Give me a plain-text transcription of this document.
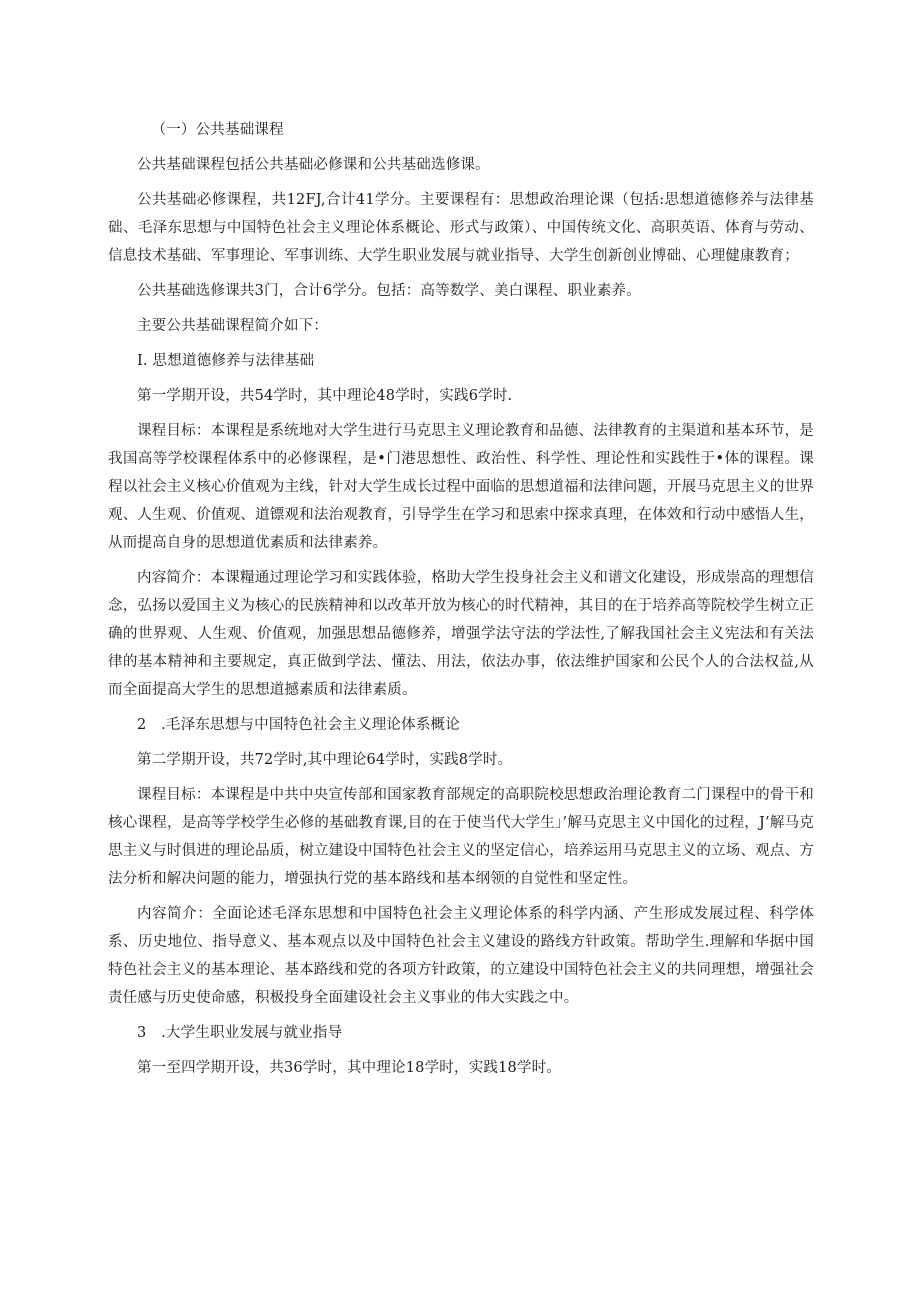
（一）公共基础课程

公共基础课程包括公共基础必修课和公共基础选修课。

公共基础必修课程，共12FJ,合计41学分。主要课程有：思想政治理论课（包括:思想道德修养与法律基础、毛泽东思想与中国特色社会主义理论体系概论、形式与政策）、中国传统文化、高职英语、体育与劳动、信息技术基础、军事理论、军事训练、大学生职业发展与就业指导、大学生创新创业博础、心理健康教育；

公共基础选修课共3门，合计6学分。包括：高等数学、美白课程、职业素养。

主要公共基础课程简介如下：

I. 思想道德修养与法律基础

第一学期开设，共54学时，其中理论48学时，实践6学时.

课程目标：本课程是系统地对大学生进行马克思主义理论教育和品德、法律教育的主渠道和基本环节，是我国高等学校课程体系中的必修课程，是•门港思想性、政治性、科学性、理论性和实践性于•体的课程。课程以社会主义核心价值观为主线，针对大学生成长过程中面临的思想道福和法律问题，开展马克思主义的世界观、人生观、价值观、道镖观和法治观教育，引导学生在学习和思索中探求真理，在体效和行动中感悟人生，从而提高自身的思想道优素质和法律素养。

内容简介：本课糧通过理论学习和实践体验，格助大学生投身社会主义和谱文化建设，形成崇高的理想信念，弘扬以爱国主义为核心的民族精神和以改革开放为核心的时代精神，其目的在于培养高等院校学生树立正确的世界观、人生观、价值观，加强思想品德修养，增强学法守法的学法性,了解我国社会主义宪法和有关法律的基本精神和主要规定，真正做到学法、懂法、用法，依法办事，依法维护国家和公民个人的合法权益,从而全面提高大学生的思想道撼素质和法律素质。

2　.毛泽东思想与中国特色社会主义理论体系概论

第二学期开设，共72学时,其中理论64学时，实践8学时。

课程目标：本课程是中共中央宣传部和国家教育部规定的高职院校思想政治理论教育二门课程中的骨干和核心课程，是高等学校学生必修的基础教育课,目的在于使当代大学生」’解马克思主义中国化的过程，J’解马克思主义与时俱进的理论品质，树立建设中国特色社会主义的坚定信心，培养运用马克思主义的立场、观点、方法分析和解决问题的能力，增强执行党的基本路线和基本纲领的自觉性和坚定性。

内容简介：全面论述毛泽东思想和中国特色社会主义理论体系的科学内涵、产生形成发展过程、科学体系、历史地位、指导意义、基本观点以及中国特色社会主义建设的路线方针政策。帮助学生.理解和华据中国特色社会主义的基本理论、基本路线和党的各项方针政策，的立建设中国特色社会主义的共同理想，增强社会责任感与历史使命感，积极投身全面建设社会主义事业的伟大实践之中。

3　.大学生职业发展与就业指导

第一至四学期开设，共36学时，其中理论18学时，实践18学时。
